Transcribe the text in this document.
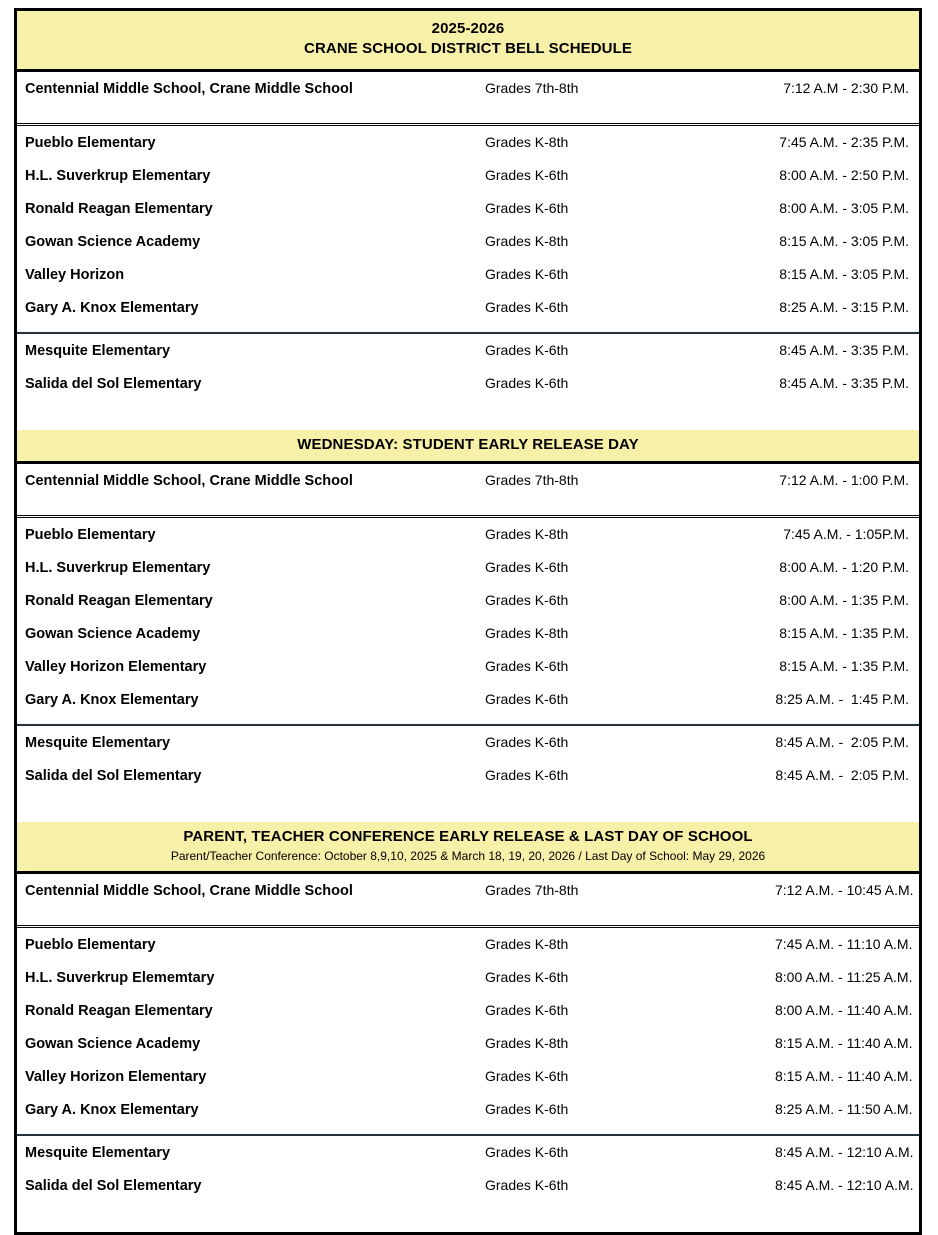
2025-2026
CRANE SCHOOL DISTRICT BELL SCHEDULE
Centennial Middle School, Crane Middle School	Grades 7th-8th	7:12 A.M - 2:30 P.M.
Pueblo Elementary	Grades K-8th	7:45 A.M. - 2:35 P.M.
H.L. Suverkrup Elementary	Grades K-6th	8:00 A.M. - 2:50 P.M.
Ronald Reagan Elementary	Grades K-6th	8:00 A.M. - 3:05 P.M.
Gowan Science Academy	Grades K-8th	8:15 A.M. - 3:05 P.M.
Valley Horizon	Grades K-6th	8:15 A.M. - 3:05 P.M.
Gary A. Knox Elementary	Grades K-6th	8:25 A.M. - 3:15 P.M.
Mesquite Elementary	Grades K-6th	8:45 A.M. - 3:35 P.M.
Salida del Sol Elementary	Grades K-6th	8:45 A.M. - 3:35 P.M.
WEDNESDAY: STUDENT EARLY RELEASE DAY
Centennial Middle School, Crane Middle School	Grades 7th-8th	7:12 A.M. - 1:00 P.M.
Pueblo Elementary	Grades K-8th	7:45 A.M. - 1:05P.M.
H.L. Suverkrup Elementary	Grades K-6th	8:00 A.M. - 1:20 P.M.
Ronald Reagan Elementary	Grades K-6th	8:00 A.M. - 1:35 P.M.
Gowan Science Academy	Grades K-8th	8:15 A.M. - 1:35 P.M.
Valley Horizon Elementary	Grades K-6th	8:15 A.M. - 1:35 P.M.
Gary A. Knox Elementary	Grades K-6th	8:25 A.M. -  1:45 P.M.
Mesquite Elementary	Grades K-6th	8:45 A.M. -  2:05 P.M.
Salida del Sol Elementary	Grades K-6th	8:45 A.M. -  2:05 P.M.
PARENT, TEACHER CONFERENCE EARLY RELEASE & LAST DAY OF SCHOOL
Parent/Teacher Conference: October 8,9,10, 2025 & March 18, 19, 20, 2026 / Last Day of School: May 29, 2026
Centennial Middle School, Crane Middle School	Grades 7th-8th	7:12 A.M. - 10:45 A.M.
Pueblo Elementary	Grades K-8th	7:45 A.M. - 11:10 A.M.
H.L. Suverkrup Elememtary	Grades K-6th	8:00 A.M. - 11:25 A.M.
Ronald Reagan Elementary	Grades K-6th	8:00 A.M. - 11:40 A.M.
Gowan Science Academy	Grades K-8th	8:15 A.M. - 11:40 A.M.
Valley Horizon Elementary	Grades K-6th	8:15 A.M. - 11:40 A.M.
Gary A. Knox Elementary	Grades K-6th	8:25 A.M. - 11:50 A.M.
Mesquite Elementary	Grades K-6th	8:45 A.M. - 12:10 A.M.
Salida del Sol Elementary	Grades K-6th	8:45 A.M. - 12:10 A.M.
